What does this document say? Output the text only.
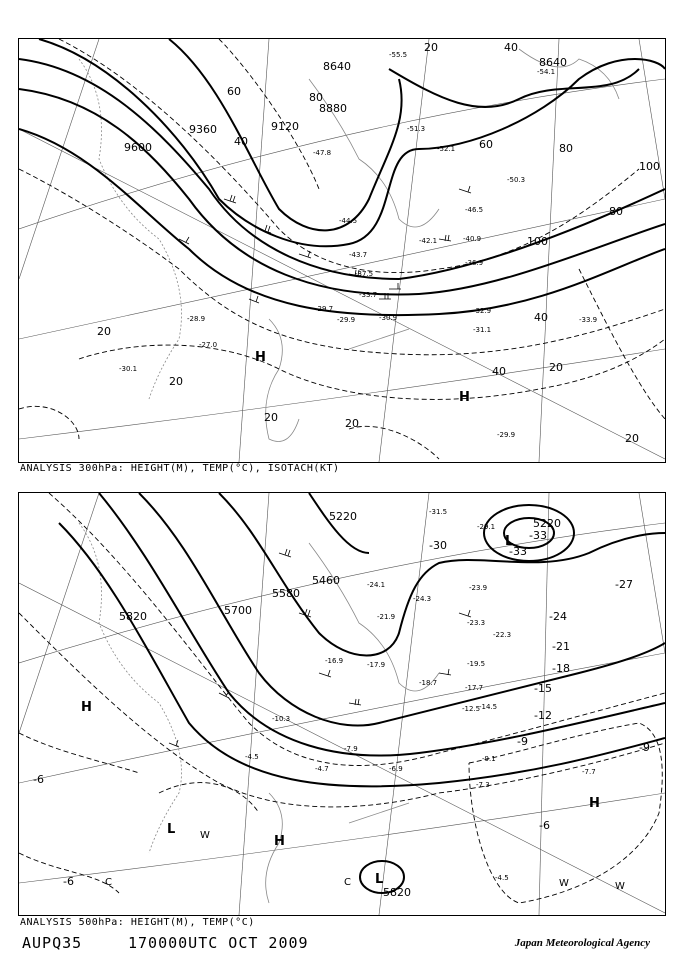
9600
9360	9120
8880
8640	8640
20	40
60
80
100
40	60
80
100
80
40
20
20
20	20
40	20
20
-55.5
-54.1
-52.1
-51.3
-50.3
-47.8
-46.5
-44.5
-43.7
-42.1	-40.9
-37.5
-36.9
-33.7
-32.9
-31.1
-30.9
-29.9
-29.7
-28.9
-27.0
-30.1
-33.9
-29.9
H
H
ANALYSIS 300hPa: HEIGHT(M), TEMP(°C), ISOTACH(KT)
5220
5460
5580
5700
5820
5220
5820
-33
-30
-27
-24
-21
-18
-15
-12
-9
-6
-6
-9
-6
-33
-31.5
-29.1
-24.1
-24.3
-23.9
-23.3
-22.3
-21.9
-19.5
-18.7
-17.9
-17.7
-16.9
-14.5
-12.5
-10.3
-9.1
-7.9
-7.7
-7.3
-6.9
-4.7
-4.5
-4.5
L
H
L
H
L
H
C	C
W
W	W
ANALYSIS 500hPa: HEIGHT(M), TEMP(°C)
AUPQ35	170000UTC OCT 2009	Japan Meteorological Agency
